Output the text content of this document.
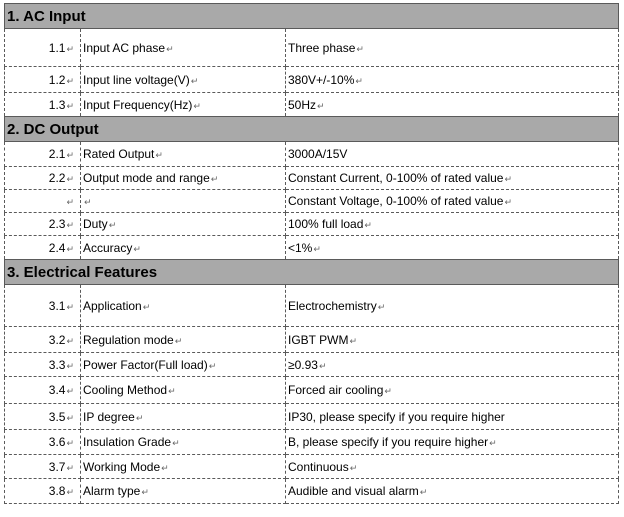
1. AC Input		
1.1↵	Input AC phase↵	Three phase↵
1.2↵	Input line voltage(V)↵	380V+/-10%↵
1.3↵	Input Frequency(Hz)↵	50Hz↵
2. DC Output		
2.1↵	Rated Output↵	3000A/15V
2.2↵	Output mode and range↵	Constant Current, 0-100% of rated value↵
↵	↵	Constant Voltage, 0-100% of rated value↵
2.3↵	Duty↵	100% full load↵
2.4↵	Accuracy↵	<1%↵
3. Electrical Features		
3.1↵	Application↵	Electrochemistry↵
3.2↵	Regulation mode↵	IGBT PWM↵
3.3↵	Power Factor(Full load)↵	≥0.93↵
3.4↵	Cooling Method↵	Forced air cooling↵
3.5↵	IP degree↵	IP30, please specify if you require higher
3.6↵	Insulation Grade↵	B, please specify if you require higher↵
3.7↵	Working Mode↵	Continuous↵
3.8↵	Alarm type↵	Audible and visual alarm↵
